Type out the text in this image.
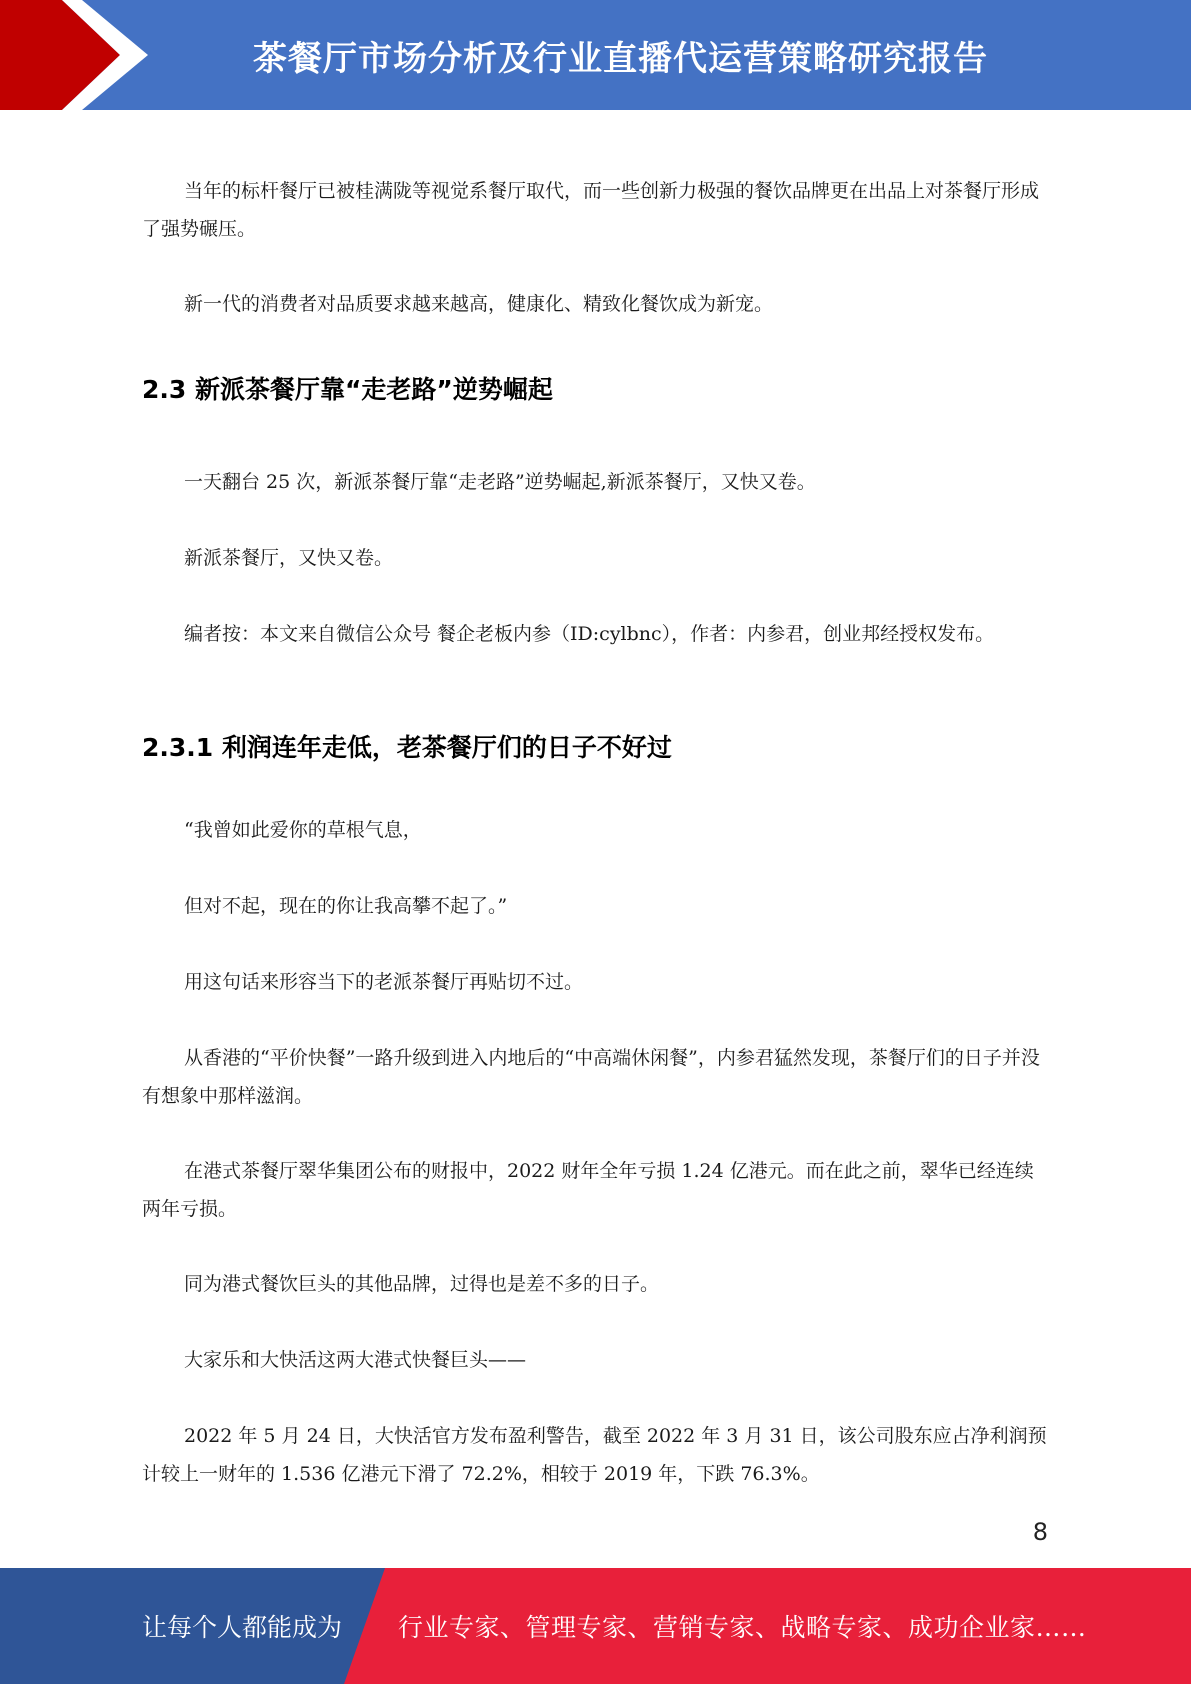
茶餐厅市场分析及行业直播代运营策略研究报告

当年的标杆餐厅已被桂满陇等视觉系餐厅取代，而一些创新力极强的餐饮品牌更在出品上对茶餐厅形成了强势碾压。

新一代的消费者对品质要求越来越高，健康化、精致化餐饮成为新宠。

2.3 新派茶餐厅靠“走老路”逆势崛起

一天翻台 25 次，新派茶餐厅靠“走老路”逆势崛起,新派茶餐厅，又快又卷。

新派茶餐厅，又快又卷。

编者按：本文来自微信公众号 餐企老板内参（ID:cylbnc），作者：内参君，创业邦经授权发布。

2.3.1 利润连年走低，老茶餐厅们的日子不好过

“我曾如此爱你的草根气息，

但对不起，现在的你让我高攀不起了。”

用这句话来形容当下的老派茶餐厅再贴切不过。

从香港的“平价快餐”一路升级到进入内地后的“中高端休闲餐”，内参君猛然发现，茶餐厅们的日子并没有想象中那样滋润。

在港式茶餐厅翠华集团公布的财报中，2022 财年全年亏损 1.24 亿港元。而在此之前，翠华已经连续两年亏损。

同为港式餐饮巨头的其他品牌，过得也是差不多的日子。

大家乐和大快活这两大港式快餐巨头——

2022 年 5 月 24 日，大快活官方发布盈利警告，截至 2022 年 3 月 31 日，该公司股东应占净利润预计较上一财年的 1.536 亿港元下滑了 72.2%，相较于 2019 年，下跌 76.3%。

8
让每个人都能成为 行业专家、管理专家、营销专家、战略专家、成功企业家……
